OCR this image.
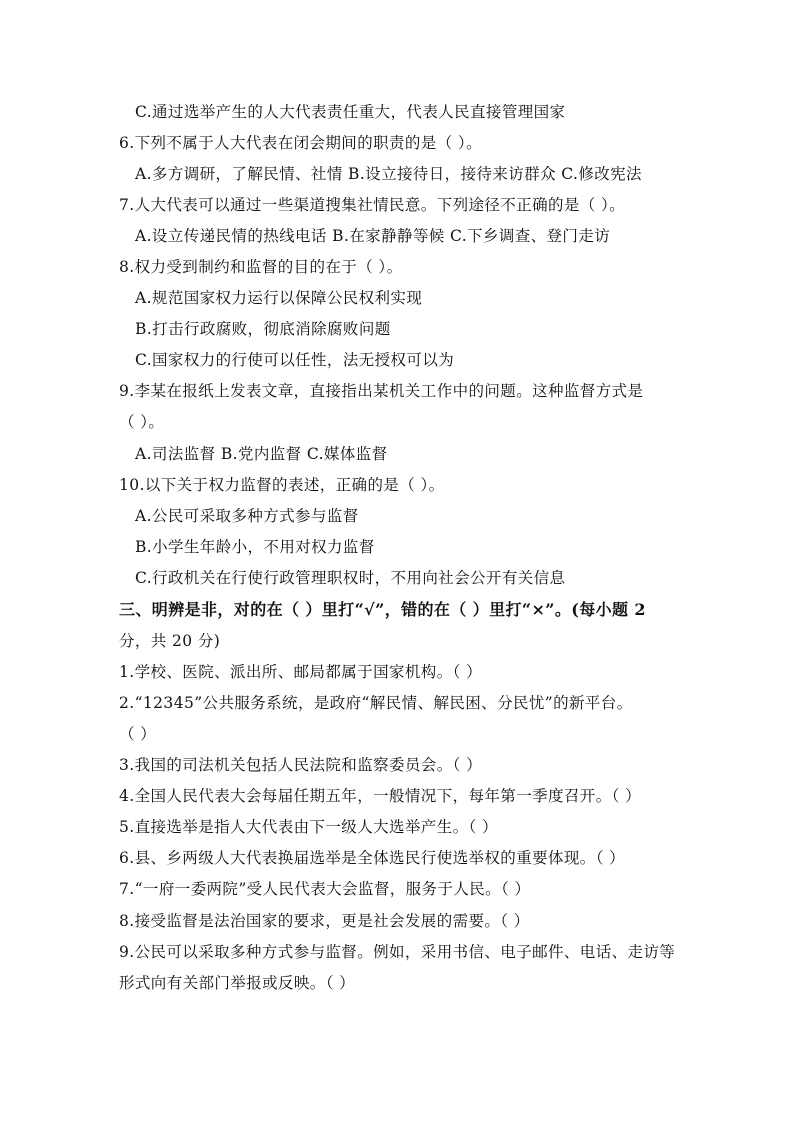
C.通过选举产生的人大代表责任重大，代表人民直接管理国家
6.下列不属于人大代表在闭会期间的职责的是（ ）。
A.多方调研，了解民情、社情 B.设立接待日，接待来访群众 C.修改宪法
7.人大代表可以通过一些渠道搜集社情民意。下列途径不正确的是（ ）。
A.设立传递民情的热线电话 B.在家静静等候 C.下乡调查、登门走访
8.权力受到制约和监督的目的在于（ ）。
A.规范国家权力运行以保障公民权利实现
B.打击行政腐败，彻底消除腐败问题
C.国家权力的行使可以任性，法无授权可以为
9.李某在报纸上发表文章，直接指出某机关工作中的问题。这种监督方式是
（ ）。
A.司法监督 B.党内监督 C.媒体监督
10.以下关于权力监督的表述，正确的是（ ）。
A.公民可采取多种方式参与监督
B.小学生年龄小，不用对权力监督
C.行政机关在行使行政管理职权时，不用向社会公开有关信息
三、明辨是非，对的在（ ）里打“√”，错的在（ ）里打“×”。(每小题 2
分，共 20 分)
1.学校、医院、派出所、邮局都属于国家机构。（ ）
2.“12345”公共服务系统，是政府“解民情、解民困、分民忧”的新平台。
（ ）
3.我国的司法机关包括人民法院和监察委员会。（ ）
4.全国人民代表大会每届任期五年，一般情况下，每年第一季度召开。（ ）
5.直接选举是指人大代表由下一级人大选举产生。（ ）
6.县、乡两级人大代表换届选举是全体选民行使选举权的重要体现。（ ）
7.“一府一委两院”受人民代表大会监督，服务于人民。（ ）
8.接受监督是法治国家的要求，更是社会发展的需要。（ ）
9.公民可以采取多种方式参与监督。例如，采用书信、电子邮件、电话、走访等
形式向有关部门举报或反映。（ ）
